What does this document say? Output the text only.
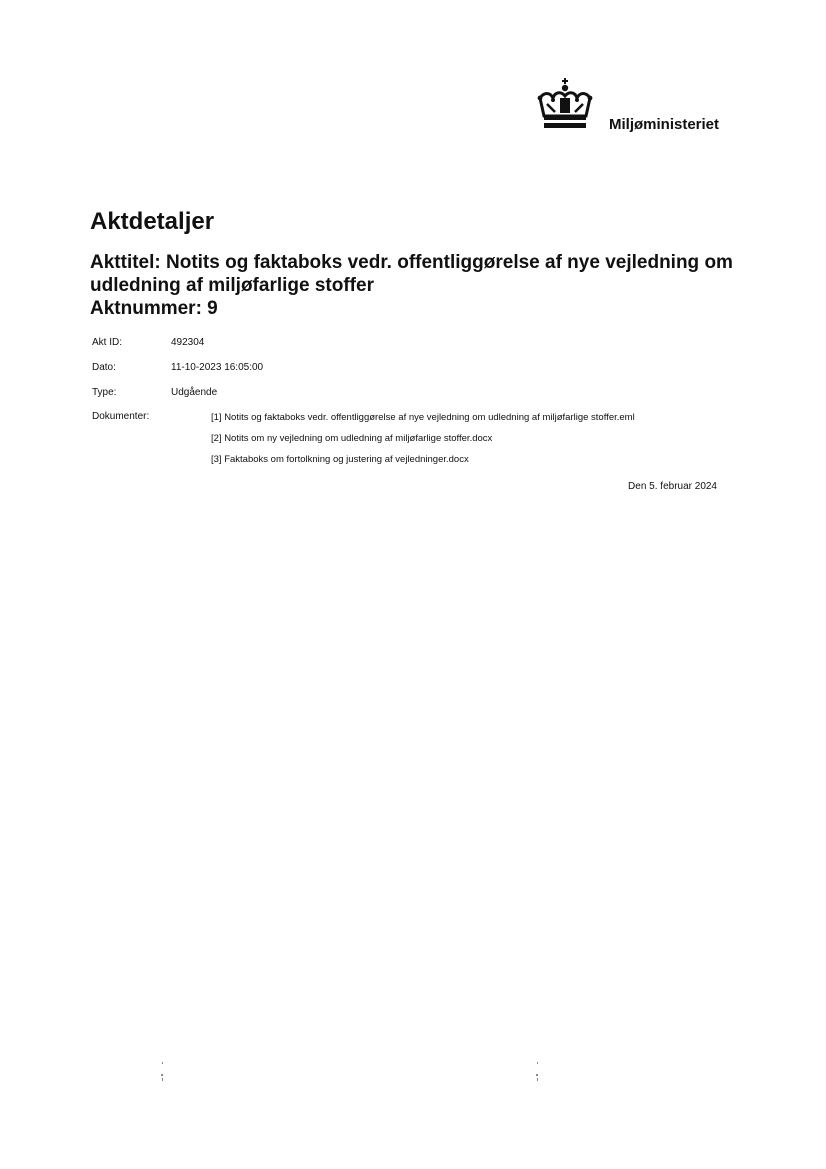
Miljøministeriet
Aktdetaljer
Akttitel: Notits og faktaboks vedr. offentliggørelse af nye vejledning om udledning af miljøfarlige stoffer
Aktnummer: 9
Akt ID:	492304
Dato:	11-10-2023 16:05:00
Type:	Udgående
Dokumenter:	[1] Notits og faktaboks vedr. offentliggørelse af nye vejledning om udledning af miljøfarlige stoffer.eml
[2] Notits om ny vejledning om udledning af miljøfarlige stoffer.docx
[3] Faktaboks om fortolkning og justering af vejledninger.docx
Den 5. februar 2024
